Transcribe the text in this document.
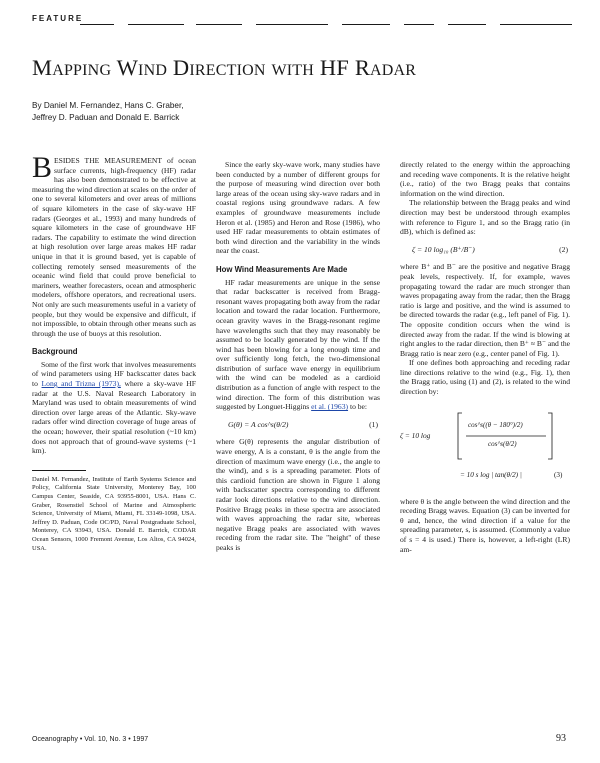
FEATURE
Mapping Wind Direction with HF Radar
By Daniel M. Fernandez, Hans C. Graber,
Jeffrey D. Paduan and Donald E. Barrick

BESIDES THE MEASUREMENT of ocean surface currents, high-frequency (HF) radar has also been demonstrated to be effective at measuring the wind direction at scales on the order of one to several kilometers and over areas of millions of square kilometers in the case of sky-wave HF radars (Georges et al., 1993) and many hundreds of square kilometers in the case of groundwave HF radars. The capability to estimate the wind direction at high resolution over large areas makes HF radar unique in that it is ground based, yet is capable of collecting remotely sensed measurements of the oceanic wind field that could prove beneficial to mariners, weather forecasters, ocean and atmospheric modelers, offshore operators, and recreational users. Not only are such measurements useful in a variety of people, but they would be expensive and difficult, if not impossible, to obtain through other means such as through the use of buoys at this resolution.

Background

Some of the first work that involves measurements of wind parameters using HF backscatter dates back to Long and Trizna (1973), where a sky-wave HF radar at the U.S. Naval Research Laboratory in Maryland was used to obtain measurements of wind direction over large areas of the Atlantic. Sky-wave radars offer wind direction coverage of huge areas of the ocean; however, their spatial resolution (~10 km) does not approach that of ground-wave systems (~1 km).

Daniel M. Fernandez, Institute of Earth Systems Science and Policy, California State University, Monterey Bay, 100 Campus Center, Seaside, CA 93955-8001, USA. Hans C. Graber, Rosenstiel School of Marine and Atmospheric Science, University of Miami, Miami, FL 33149-1098, USA. Jeffrey D. Paduan, Code OC/PD, Naval Postgraduate School, Monterey, CA 93943, USA. Donald E. Barrick, CODAR Ocean Sensors, 1000 Fremont Avenue, Los Altos, CA 94024, USA.

Since the early sky-wave work, many studies have been conducted by a number of different groups for the purpose of measuring wind direction over both large areas of the ocean using sky-wave radars and in coastal regions using groundwave radars. A few examples of groundwave measurements include Heron et al. (1985) and Heron and Rose (1986), who used HF radar measurements to obtain estimates of both wind direction and the variability in the winds near the coast.

How Wind Measurements Are Made

HF radar measurements are unique in the sense that radar backscatter is received from Bragg-resonant waves propagating both away from the radar location and toward the radar location. Furthermore, ocean gravity waves in the Bragg-resonant regime have wavelengths such that they may reasonably be assumed to be locally generated by the wind. If the wind has been blowing for a long enough time and over sufficiently long fetch, the two-dimensional distribution of surface wave energy in equilibrium with the wind can be modeled as a cardioid distribution as a function of angle with respect to the wind direction. The form of this distribution was suggested by Longuet-Higgins et al. (1963) to be:

G(θ) = A cos^s(θ/2)	(1)

where G(θ) represents the angular distribution of wave energy, A is a constant, θ is the angle from the direction of maximum wave energy (i.e., the angle to the wind), and s is a spreading parameter. Plots of this cardioid function are shown in Figure 1 along with backscatter spectra corresponding to different radar look directions relative to the wind direction. Positive Bragg peaks in these spectra are associated with waves approaching the radar site, whereas negative Bragg peaks are associated with waves receding from the radar site. The "height" of these peaks is

directly related to the energy within the approaching and receding wave components. It is the relative height (i.e., ratio) of the two Bragg peaks that contains information on the wind direction.

The relationship between the Bragg peaks and wind direction may best be understood through examples with reference to Figure 1, and so the Bragg ratio (in dB), which is defined as:

ζ = 10 log₁₀ (B⁺/B⁻)	(2)

where B⁺ and B⁻ are the positive and negative Bragg peak levels, respectively. If, for example, waves propagating toward the radar are much stronger than waves propagating away from the radar, then the Bragg ratio is large and positive, and the wind is assumed to be directed towards the radar (e.g., left panel of Fig. 1). The opposite condition occurs when the wind is directed away from the radar. If the wind is blowing at right angles to the radar direction, then B⁺ ≈ B⁻ and the Bragg ratio is near zero (e.g., center panel of Fig. 1).

If one defines both approaching and receding radar line directions relative to the wind (e.g., Fig. 1), then the Bragg ratio, using (1) and (2), is related to the wind direction by:

ζ = 10 log
cos^s((θ − 180°)/2)
cos^s(θ/2)
= 10 s log | tan(θ/2) |	(3)

where θ is the angle between the wind direction and the receding Bragg waves. Equation (3) can be inverted for θ and, hence, the wind direction if a value for the spreading parameter, s, is assumed. (Commonly a value of s = 4 is used.) There is, however, a left-right (LR) am-

Oceanography • Vol. 10, No. 3 • 1997	93
